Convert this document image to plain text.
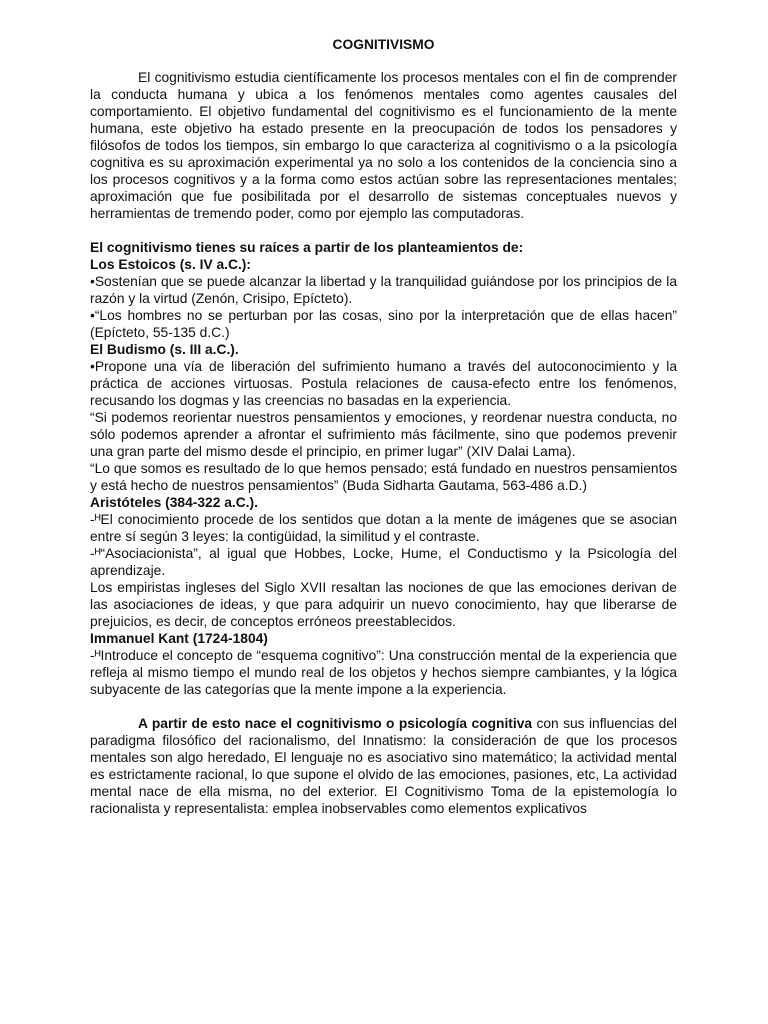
COGNITIVISMO

El cognitivismo estudia científicamente los procesos mentales con el fin de comprender la conducta humana y ubica a los fenómenos mentales como agentes causales del comportamiento. El objetivo fundamental del cognitivismo es el funcionamiento de la mente humana, este objetivo ha estado presente en la preocupación de todos los pensadores y filósofos de todos los tiempos, sin embargo lo que caracteriza al cognitivismo o a la psicología cognitiva es su aproximación experimental ya no solo a los contenidos de la conciencia sino a los procesos cognitivos y a la forma como estos actúan sobre las representaciones mentales; aproximación que fue posibilitada por el desarrollo de sistemas conceptuales nuevos y herramientas de tremendo poder, como por ejemplo las computadoras.

El cognitivismo tienes su raíces a partir de los planteamientos de:

Los Estoicos (s. IV a.C.):

•Sostenían que se puede alcanzar la libertad y la tranquilidad guiándose por los principios de la razón y la virtud (Zenón, Crisipo, Epícteto).

•“Los hombres no se perturban por las cosas, sino por la interpretación que de ellas hacen” (Epícteto, 55-135 d.C.)

El Budismo (s. III a.C.).

•Propone una vía de liberación del sufrimiento humano a través del autoconocimiento y la práctica de acciones virtuosas. Postula relaciones de causa-efecto entre los fenómenos, recusando los dogmas y las creencias no basadas en la experiencia.

“Si podemos reorientar nuestros pensamientos y emociones, y reordenar nuestra conducta, no sólo podemos aprender a afrontar el sufrimiento más fácilmente, sino que podemos prevenir una gran parte del mismo desde el principio, en primer lugar” (XIV Dalai Lama).

“Lo que somos es resultado de lo que hemos pensado; está fundado en nuestros pensamientos y está hecho de nuestros pensamientos” (Buda Sidharta Gautama, 563-486 a.D.)

Aristóteles (384-322 a.C.).

-ᴴEl conocimiento procede de los sentidos que dotan a la mente de imágenes que se asocian entre sí según 3 leyes: la contigüidad, la similitud y el contraste.

-ᴴ“Asociacionista”, al igual que Hobbes, Locke, Hume, el Conductismo y la Psicología del aprendizaje.

Los empiristas ingleses del Siglo XVII resaltan las nociones de que las emociones derivan de las asociaciones de ideas, y que para adquirir un nuevo conocimiento, hay que liberarse de prejuicios, es decir, de conceptos erróneos preestablecidos.

Immanuel Kant (1724-1804)

-ᴴIntroduce el concepto de “esquema cognitivo”: Una construcción mental de la experiencia que refleja al mismo tiempo el mundo real de los objetos y hechos siempre cambiantes, y la lógica subyacente de las categorías que la mente impone a la experiencia.

A partir de esto nace el cognitivismo o psicología cognitiva con sus influencias del paradigma filosófico del racionalismo, del Innatismo: la consideración de que los procesos mentales son algo heredado, El lenguaje no es asociativo sino matemático; la actividad mental es estrictamente racional, lo que supone el olvido de las emociones, pasiones, etc, La actividad mental nace de ella misma, no del exterior. El Cognitivismo Toma de la epistemología lo racionalista y representalista: emplea inobservables como elementos explicativos
